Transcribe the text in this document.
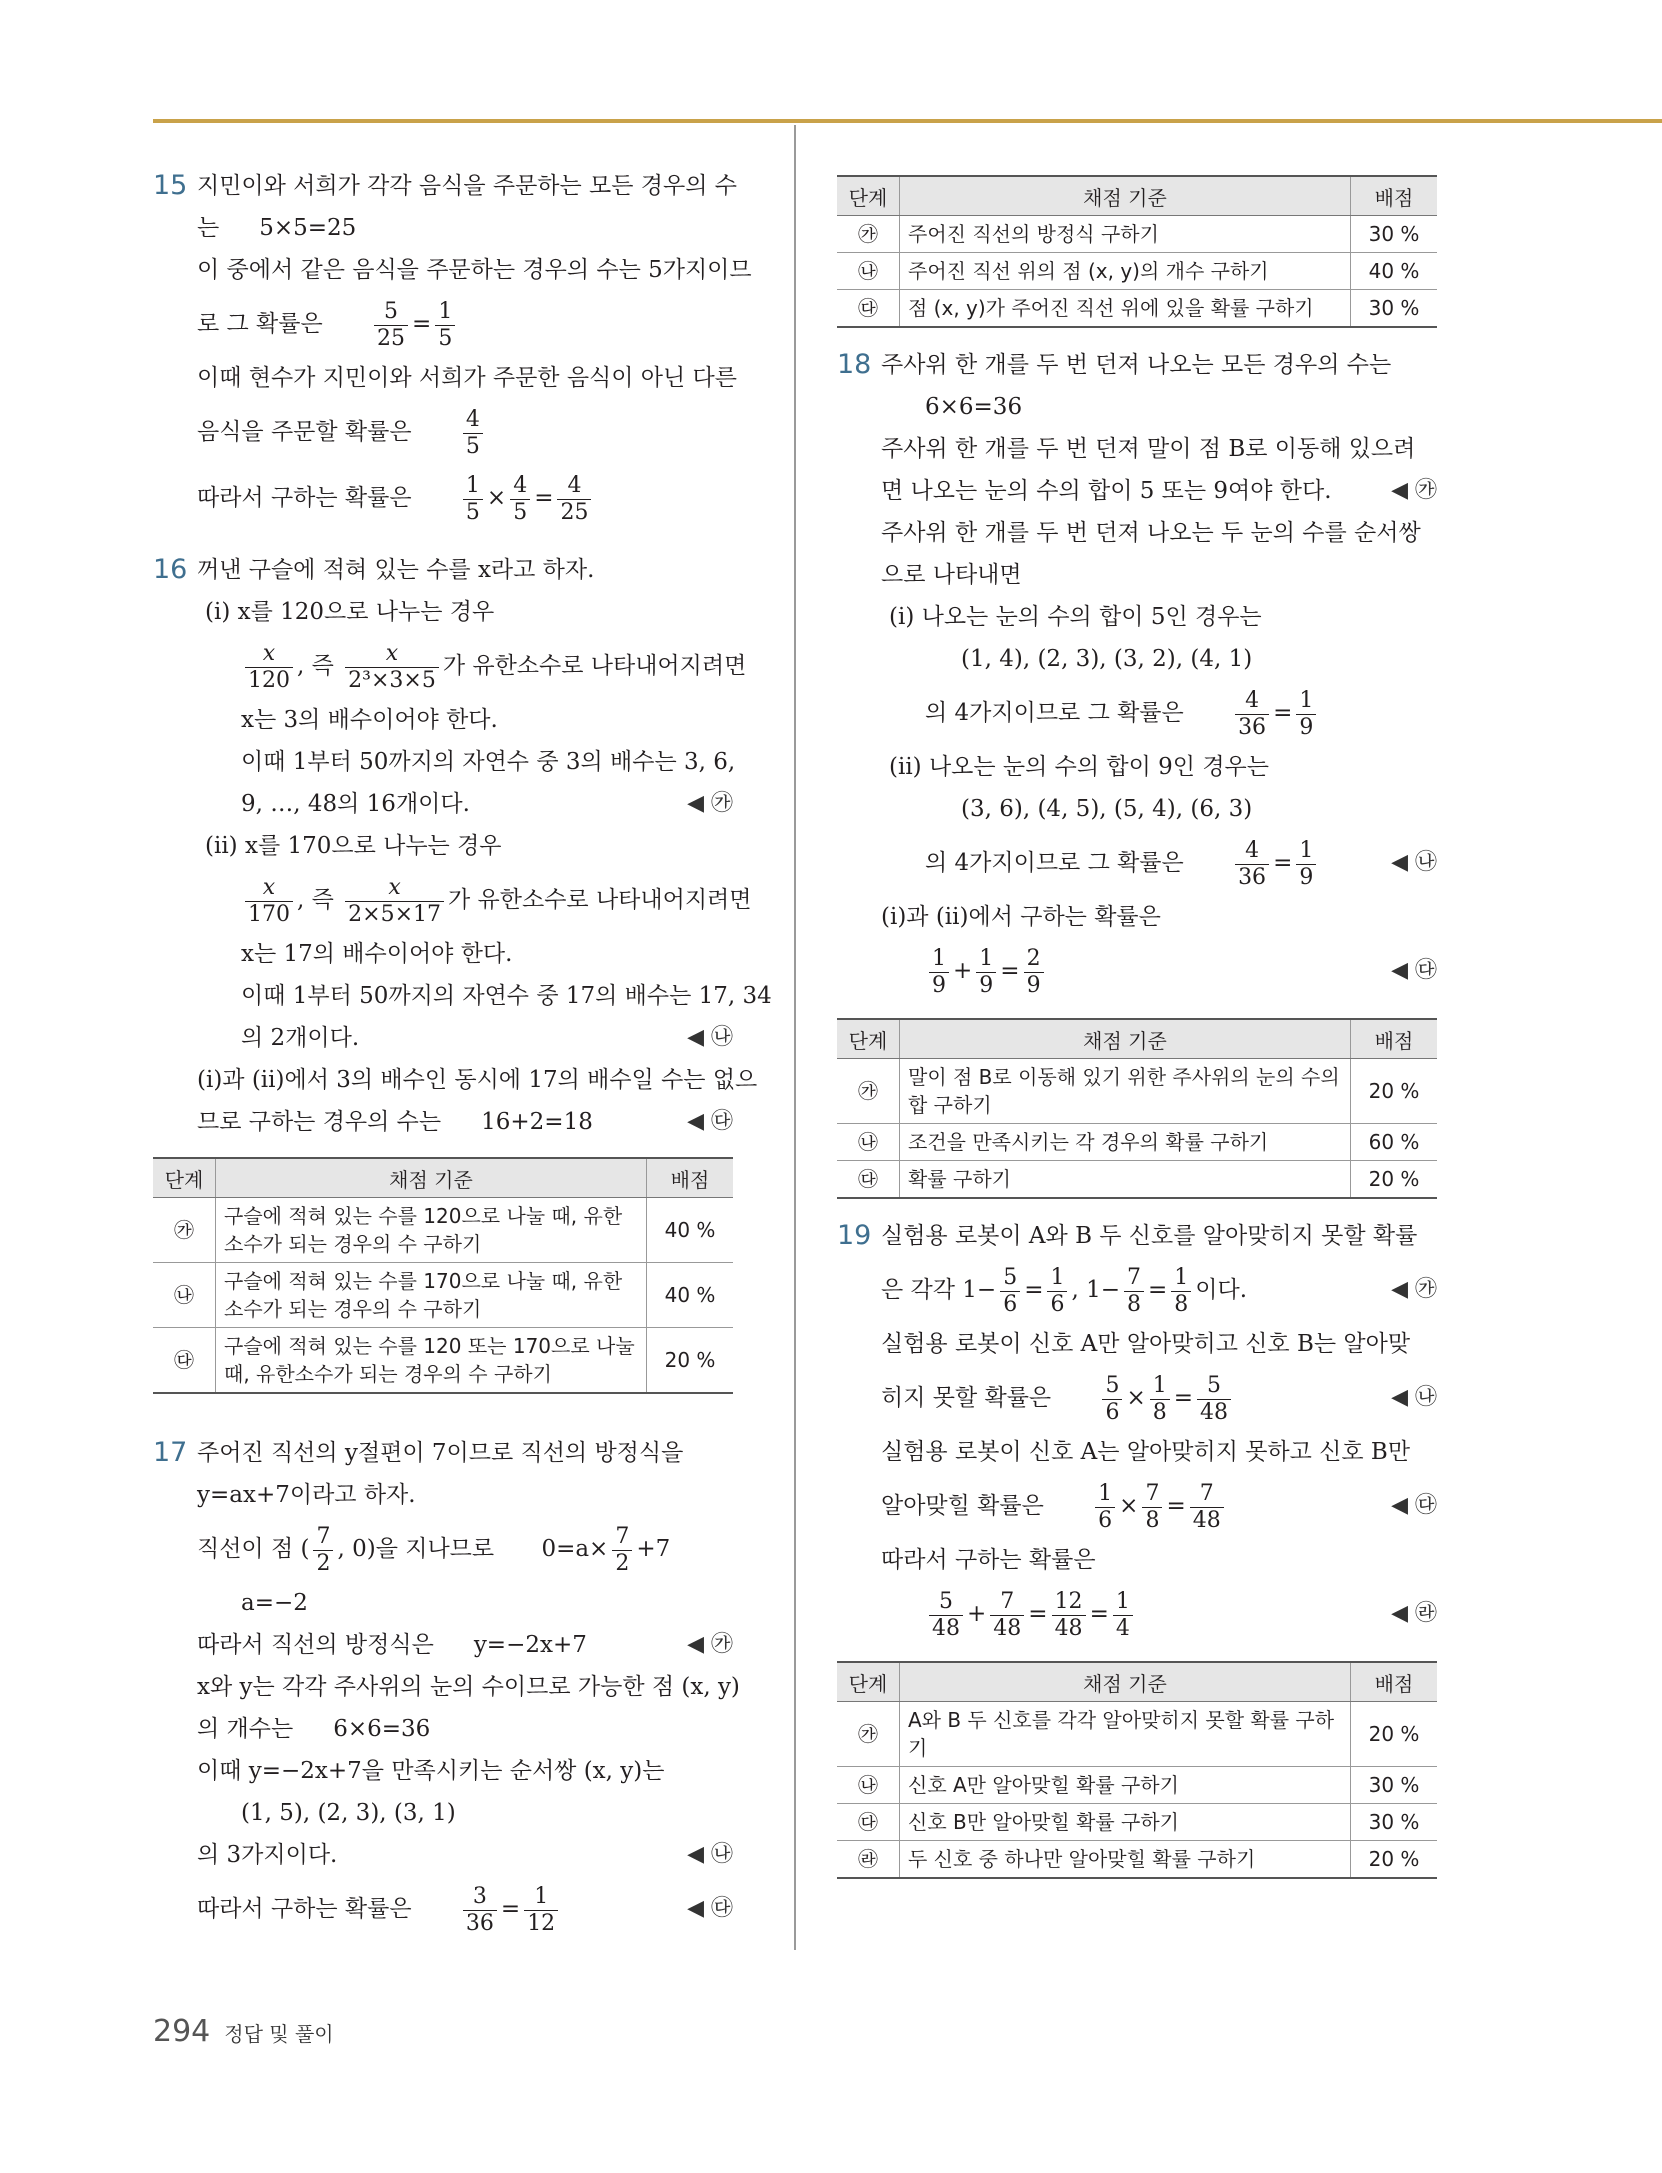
15 지민이와 서희가 각각 음식을 주문하는 모든 경우의 수
는 5×5=25
이 중에서 같은 음식을 주문하는 경우의 수는 5가지이므
로 그 확률은 $\frac{5}{25} = \frac{1}{5}$
이때 현수가 지민이와 서희가 주문한 음식이 아닌 다른
음식을 주문할 확률은 $\frac{4}{5}$
따라서 구하는 확률은 $\frac{1}{5} \times \frac{4}{5} = \frac{4}{25}$
16 꺼낸 구슬에 적혀 있는 수를 x라고 하자.
(ⅰ) x를 120으로 나누는 경우
$\frac{x}{120}$ , 즉 $\frac{x}{\text{2³×3×5}}$ 가 유한소수로 나타내어지려면
x는 3의 배수이어야 한다.
이때 1부터 50까지의 자연수 중 3의 배수는 3, 6,
9, …, 48의 16개이다.	◀ ㉮
(ⅱ) x를 170으로 나누는 경우
$\frac{x}{170}$ , 즉 $\frac{x}{2\times 5\times 17}$ 가 유한소수로 나타내어지려면
x는 17의 배수이어야 한다.
이때 1부터 50까지의 자연수 중 17의 배수는 17, 34
의 2개이다.	◀ ㉯
(ⅰ)과 (ⅱ)에서 3의 배수인 동시에 17의 배수일 수는 없으
므로 구하는 경우의 수는 16+2=18	◀ ㉰
단계	채점 기준	배점
㉮	구슬에 적혀 있는 수를 120으로 나눌 때, 유한소수가 되는 경우의 수 구하기	40 %
㉯	구슬에 적혀 있는 수를 170으로 나눌 때, 유한소수가 되는 경우의 수 구하기	40 %
㉰	구슬에 적혀 있는 수를 120 또는 170으로 나눌 때, 유한소수가 되는 경우의 수 구하기	20 %
17 주어진 직선의 y절편이 7이므로 직선의 방정식을
y=ax+7이라고 하자.
직선이 점 ( $\frac{7}{2}$ , 0)을 지나므로 $0=a\times \frac{7}{2} +7$
a=−2
따라서 직선의 방정식은 y=−2x+7	◀ ㉮
x와 y는 각각 주사위의 눈의 수이므로 가능한 점 (x, y)
의 개수는 6×6=36
이때 y=−2x+7을 만족시키는 순서쌍 (x, y)는
(1, 5), (2, 3), (3, 1)
의 3가지이다.	◀ ㉯
따라서 구하는 확률은 $\frac{3}{36} = \frac{1}{12}$	◀ ㉰
단계	채점 기준	배점
㉮	주어진 직선의 방정식 구하기	30 %
㉯	주어진 직선 위의 점 (x, y)의 개수 구하기	40 %
㉰	점 (x, y)가 주어진 직선 위에 있을 확률 구하기	30 %
18 주사위 한 개를 두 번 던져 나오는 모든 경우의 수는
6×6=36
주사위 한 개를 두 번 던져 말이 점 B로 이동해 있으려
면 나오는 눈의 수의 합이 5 또는 9여야 한다.	◀ ㉮
주사위 한 개를 두 번 던져 나오는 두 눈의 수를 순서쌍
으로 나타내면
(ⅰ) 나오는 눈의 수의 합이 5인 경우는
(1, 4), (2, 3), (3, 2), (4, 1)
의 4가지이므로 그 확률은 $\frac{4}{36} = \frac{1}{9}$
(ⅱ) 나오는 눈의 수의 합이 9인 경우는
(3, 6), (4, 5), (5, 4), (6, 3)
의 4가지이므로 그 확률은 $\frac{4}{36} = \frac{1}{9}$	◀ ㉯
(ⅰ)과 (ⅱ)에서 구하는 확률은
$\frac{1}{9} + \frac{1}{9} = \frac{2}{9}$	◀ ㉰
단계	채점 기준	배점
㉮	말이 점 B로 이동해 있기 위한 주사위의 눈의 수의 합 구하기	20 %
㉯	조건을 만족시키는 각 경우의 확률 구하기	60 %
㉰	확률 구하기	20 %
19 실험용 로봇이 A와 B 두 신호를 알아맞히지 못할 확률
은 각각 $1- \frac{5}{6} = \frac{1}{6}$ , $1- \frac{7}{8} = \frac{1}{8}$ 이다.	◀ ㉮
실험용 로봇이 신호 A만 알아맞히고 신호 B는 알아맞
히지 못할 확률은 $\frac{5}{6} \times \frac{1}{8} = \frac{5}{48}$	◀ ㉯
실험용 로봇이 신호 A는 알아맞히지 못하고 신호 B만
알아맞힐 확률은 $\frac{1}{6} \times \frac{7}{8} = \frac{7}{48}$	◀ ㉰
따라서 구하는 확률은
$\frac{5}{48} + \frac{7}{48} = \frac{12}{48} = \frac{1}{4}$	◀ ㉱
단계	채점 기준	배점
㉮	A와 B 두 신호를 각각 알아맞히지 못할 확률 구하기	20 %
㉯	신호 A만 알아맞힐 확률 구하기	30 %
㉰	신호 B만 알아맞힐 확률 구하기	30 %
㉱	두 신호 중 하나만 알아맞힐 확률 구하기	20 %
294 정답 및 풀이
